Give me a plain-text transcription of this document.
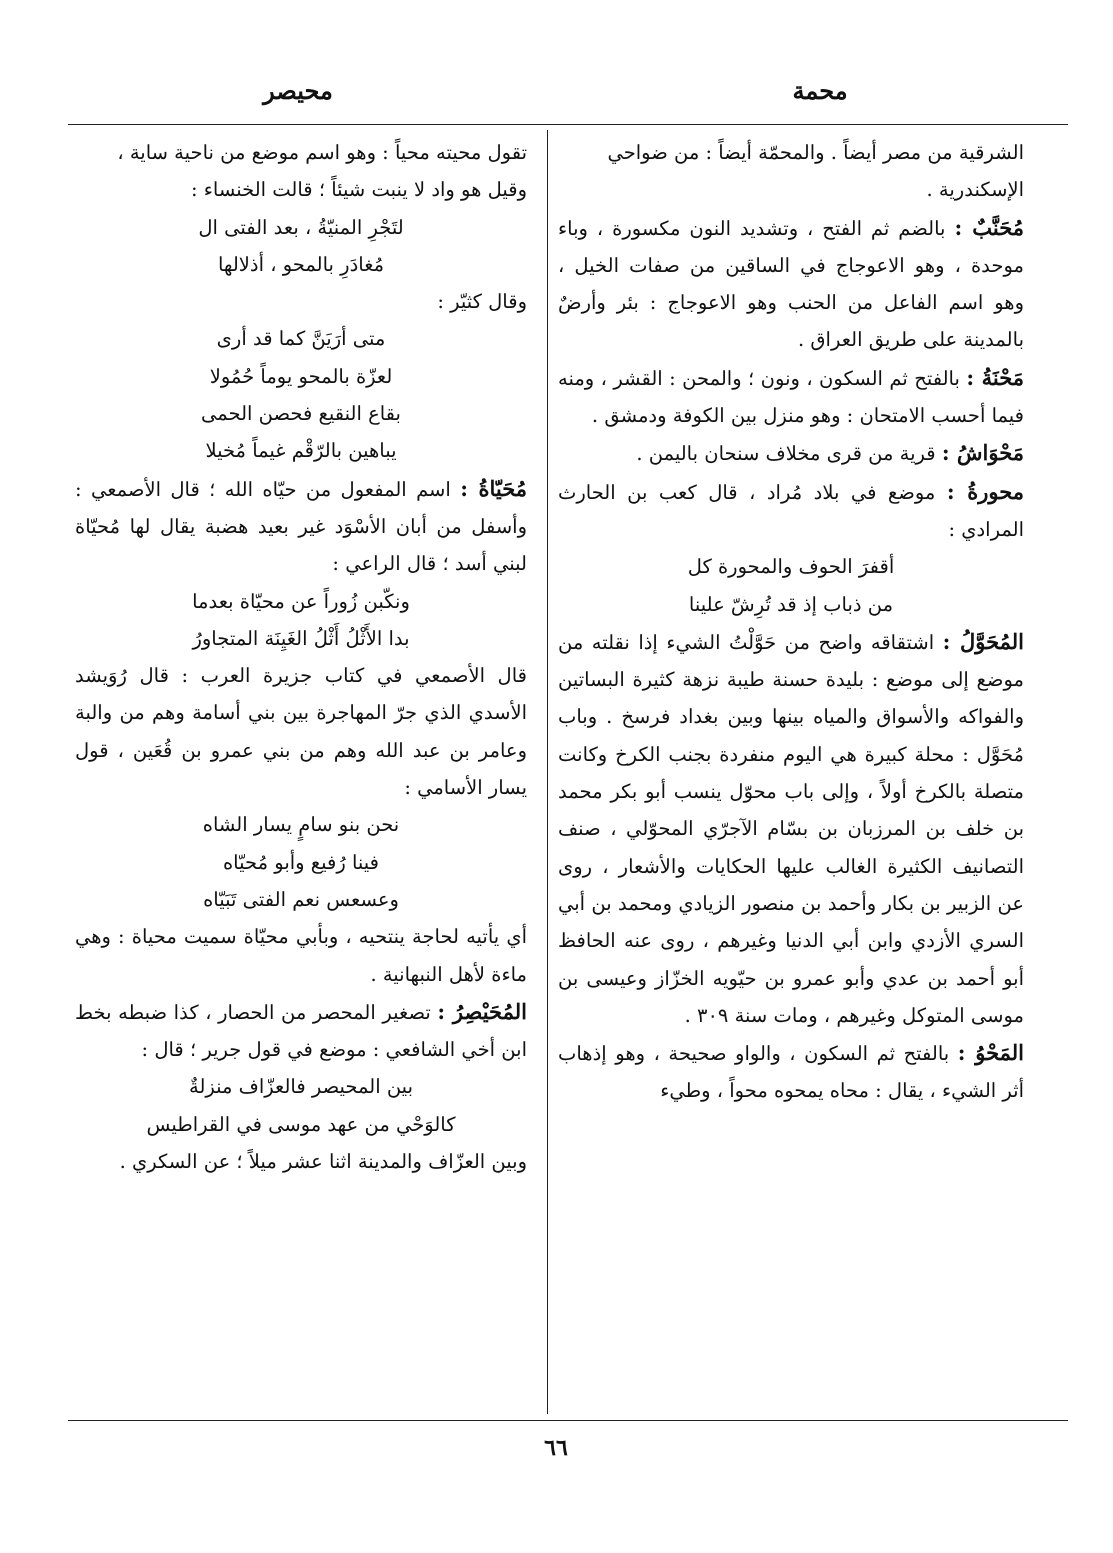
محمة
محيصر

الشرقية من مصر أيضاً . والمحمّة أيضاً : من ضواحي

الإسكندرية .

مُحَنَّبٌ : بالضم ثم الفتح ، وتشديد النون مكسورة ، وباء موحدة ، وهو الاعوجاج في الساقين من صفات الخيل ، وهو اسم الفاعل من الحنب وهو الاعوجاج : بئر وأرضٌ بالمدينة على طريق العراق .

مَحْنَةُ : بالفتح ثم السكون ، ونون ؛ والمحن : القشر ، ومنه فيما أحسب الامتحان : وهو منزل بين الكوفة ودمشق .

مَحْوَاشُ : قرية من قرى مخلاف سنحان باليمن .

محورةُ : موضع في بلاد مُراد ، قال كعب بن الحارث المرادي :

أقفرَ الحوف والمحورة كل
من ذباب إذ قد تُرِشّ علينا

المُحَوَّلُ : اشتقاقه واضح من حَوَّلْتُ الشيء إذا نقلته من موضع إلى موضع : بليدة حسنة طيبة نزهة كثيرة البساتين والفواكه والأسواق والمياه بينها وبين بغداد فرسخ . وباب مُحَوَّل : محلة كبيرة هي اليوم منفردة بجنب الكرخ وكانت متصلة بالكرخ أولاً ، وإلى باب محوّل ينسب أبو بكر محمد بن خلف بن المرزبان بن بسّام الآجرّي المحوّلي ، صنف التصانيف الكثيرة الغالب عليها الحكايات والأشعار ، روى عن الزبير بن بكار وأحمد بن منصور الزيادي ومحمد بن أبي السري الأزدي وابن أبي الدنيا وغيرهم ، روى عنه الحافظ أبو أحمد بن عدي وأبو عمرو بن حيّويه الخزّاز وعيسى بن موسى المتوكل وغيرهم ، ومات سنة ٣٠٩ .

المَحْوُ : بالفتح ثم السكون ، والواو صحيحة ، وهو إذهاب أثر الشيء ، يقال : محاه يمحوه محواً ، وطيء

تقول محيته محياً : وهو اسم موضع من ناحية ساية ،

وقيل هو واد لا ينبت شيئاً ؛ قالت الخنساء :

لتَجْرِ المنيّةُ ، بعد الفتى ال
مُغادَرِ بالمحو ، أذلالها

وقال كثيّر :

متى أرَيَنَّ كما قد أرى
لعزّة بالمحو يوماً حُمُولا

بقاع النقيع فحصن الحمى
يباهين بالرّقْم غيماً مُخيلا

مُحَيّاةُ : اسم المفعول من حيّاه الله ؛ قال الأصمعي : وأسفل من أبان الأسْوَد غير بعيد هضبة يقال لها مُحيّاة لبني أسد ؛ قال الراعي :

ونكّبن زُوراً عن محيّاة بعدما
بدا الأَثْلُ أَثْلُ الغَيِنَة المتجاورُ

قال الأصمعي في كتاب جزيرة العرب : قال رُوَيشد الأسدي الذي جرّ المهاجرة بين بني أسامة وهم من والبة وعامر بن عبد الله وهم من بني عمرو بن قُعَين ، قول يسار الأسامي :

نحن بنو سامٍ يسار الشاه
فينا رُفيع وأبو مُحيّاه
وعسعس نعم الفتى تَبَيّاه

أي يأتيه لحاجة ينتحيه ، وبأبي محيّاة سميت محياة : وهي ماءة لأهل النبهانية .

المُحَيْصِرُ : تصغير المحصر من الحصار ، كذا ضبطه بخط ابن أخي الشافعي : موضع في قول جرير ؛ قال :

بين المحيصر فالعزّاف منزلةٌ
كالوَحْي من عهد موسى في القراطيس

وبين العزّاف والمدينة اثنا عشر ميلاً ؛ عن السكري .

٦٦
